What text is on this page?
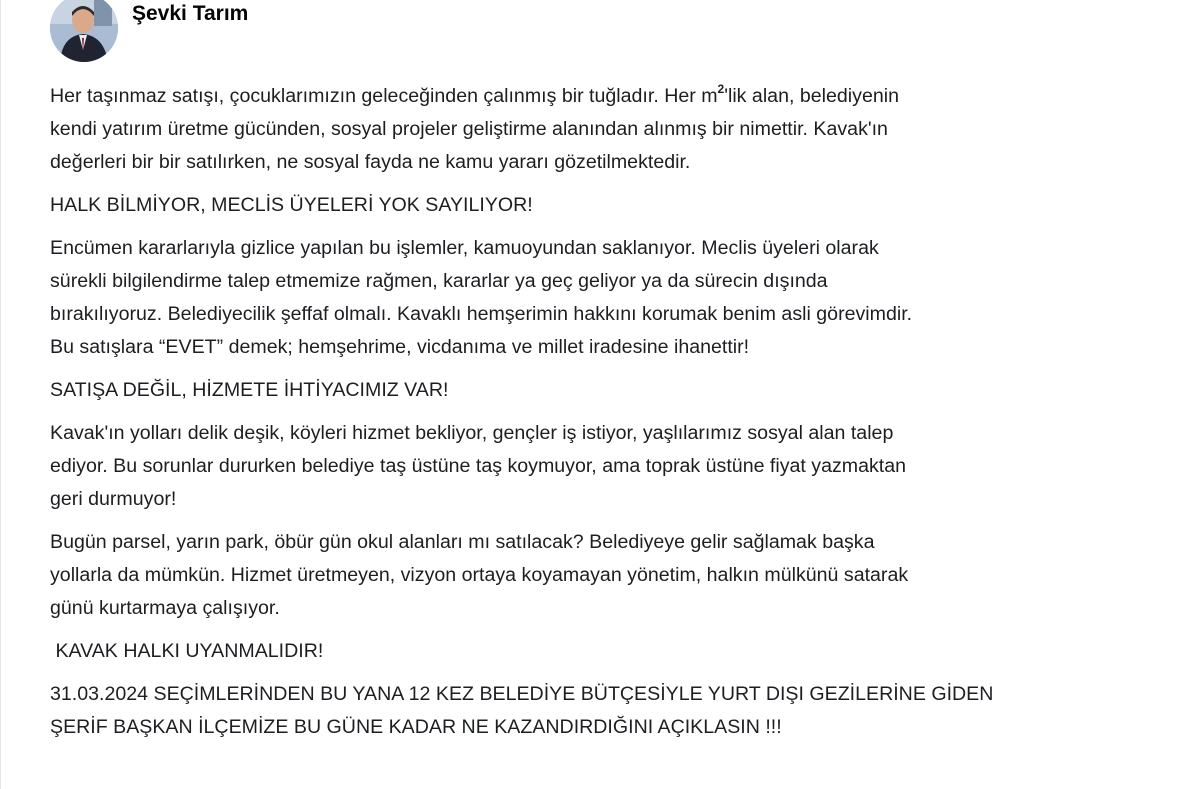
Şevki Tarım

Her taşınmaz satışı, çocuklarımızın geleceğinden çalınmış bir tuğladır. Her $m^2'lik$ alan, belediyenin
kendi yatırım üretme gücünden, sosyal projeler geliştirme alanından alınmış bir nimettir. Kavak'ın
değerleri bir bir satılırken, ne sosyal fayda ne kamu yararı gözetilmektedir.

HALK BİLMİYOR, MECLİS ÜYELERİ YOK SAYILIYOR!

Encümen kararlarıyla gizlice yapılan bu işlemler, kamuoyundan saklanıyor. Meclis üyeleri olarak
sürekli bilgilendirme talep etmemize rağmen, kararlar ya geç geliyor ya da sürecin dışında
bırakılıyoruz. Belediyecilik şeffaf olmalı. Kavaklı hemşerimin hakkını korumak benim asli görevimdir.
Bu satışlara “EVET” demek; hemşehrime, vicdanıma ve millet iradesine ihanettir!

SATIŞA DEĞİL, HİZMETE İHTİYACIMIZ VAR!

Kavak'ın yolları delik deşik, köyleri hizmet bekliyor, gençler iş istiyor, yaşlılarımız sosyal alan talep
ediyor. Bu sorunlar dururken belediye taş üstüne taş koymuyor, ama toprak üstüne fiyat yazmaktan
geri durmuyor!

Bugün parsel, yarın park, öbür gün okul alanları mı satılacak? Belediyeye gelir sağlamak başka
yollarla da mümkün. Hizmet üretmeyen, vizyon ortaya koyamayan yönetim, halkın mülkünü satarak
günü kurtarmaya çalışıyor.

KAVAK HALKI UYANMALIDIR!

31.03.2024 SEÇİMLERİNDEN BU YANA 12 KEZ BELEDİYE BÜTÇESİYLE YURT DIŞI GEZİLERİNE GİDEN
ŞERİF BAŞKAN İLÇEMİZE BU GÜNE KADAR NE KAZANDIRDIĞINI AÇIKLASIN !!!
